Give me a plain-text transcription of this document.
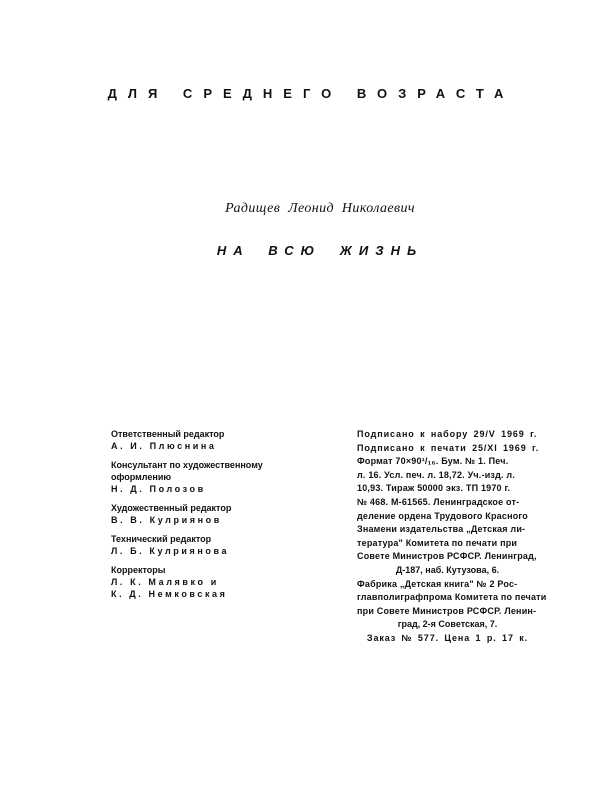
ДЛЯ СРЕДНЕГО ВОЗРАСТА
Радищев Леонид Николаевич
НА ВСЮ ЖИЗНЬ
Ответственный редактор
А. И. Плюснина
Консультант по художественному оформлению
Н. Д. Полозов
Художественный редактор
В. В. Кулриянов
Технический редактор
Л. Б. Кулриянова
Корректоры
Л. К. Малявко и
К. Д. Немковская
Подписано к набору 29/V 1969 г.
Подписано к печати 25/XI 1969 г.
Формат 70×90¹/₁₆. Бум. № 1. Печ.
л. 16. Усл. печ. л. 18,72. Уч.-изд. л.
10,93. Тираж 50000 экз. ТП 1970 г.
№ 468. М-61565. Ленинградское от-
деление ордена Трудового Красного
Знамени издательства „Детская ли-
тература" Комитета по печати при
Совете Министров РСФСР. Ленинград,
Д-187, наб. Кутузова, 6.
Фабрика „Детская книга" № 2 Рос-
главполиграфпрома Комитета по печати
при Совете Министров РСФСР. Ленин-
град, 2-я Советская, 7.
Заказ № 577. Цена 1 р. 17 к.
